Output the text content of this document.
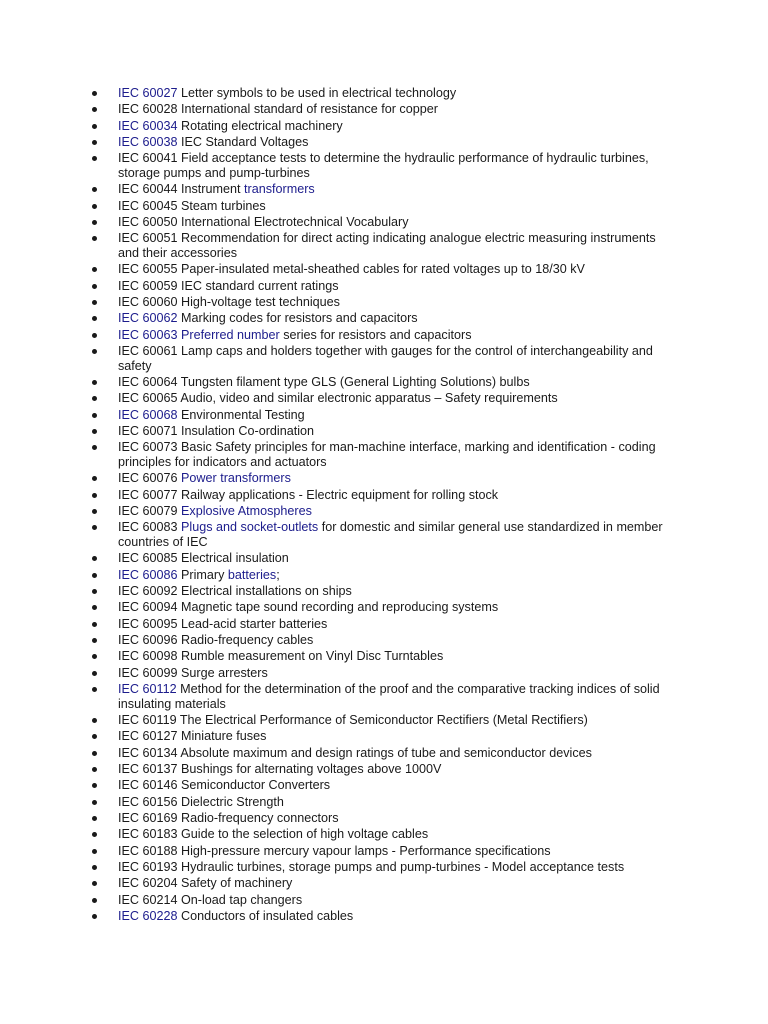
IEC 60027 Letter symbols to be used in electrical technology
IEC 60028 International standard of resistance for copper
IEC 60034 Rotating electrical machinery
IEC 60038 IEC Standard Voltages
IEC 60041 Field acceptance tests to determine the hydraulic performance of hydraulic turbines, storage pumps and pump-turbines
IEC 60044 Instrument transformers
IEC 60045 Steam turbines
IEC 60050 International Electrotechnical Vocabulary
IEC 60051 Recommendation for direct acting indicating analogue electric measuring instruments and their accessories
IEC 60055 Paper-insulated metal-sheathed cables for rated voltages up to 18/30 kV
IEC 60059 IEC standard current ratings
IEC 60060 High-voltage test techniques
IEC 60062 Marking codes for resistors and capacitors
IEC 60063 Preferred number series for resistors and capacitors
IEC 60061 Lamp caps and holders together with gauges for the control of interchangeability and safety
IEC 60064 Tungsten filament type GLS (General Lighting Solutions) bulbs
IEC 60065 Audio, video and similar electronic apparatus – Safety requirements
IEC 60068 Environmental Testing
IEC 60071 Insulation Co-ordination
IEC 60073 Basic Safety principles for man-machine interface, marking and identification - coding principles for indicators and actuators
IEC 60076 Power transformers
IEC 60077 Railway applications - Electric equipment for rolling stock
IEC 60079 Explosive Atmospheres
IEC 60083 Plugs and socket-outlets for domestic and similar general use standardized in member countries of IEC
IEC 60085 Electrical insulation
IEC 60086 Primary batteries;
IEC 60092 Electrical installations on ships
IEC 60094 Magnetic tape sound recording and reproducing systems
IEC 60095 Lead-acid starter batteries
IEC 60096 Radio-frequency cables
IEC 60098 Rumble measurement on Vinyl Disc Turntables
IEC 60099 Surge arresters
IEC 60112 Method for the determination of the proof and the comparative tracking indices of solid insulating materials
IEC 60119 The Electrical Performance of Semiconductor Rectifiers (Metal Rectifiers)
IEC 60127 Miniature fuses
IEC 60134 Absolute maximum and design ratings of tube and semiconductor devices
IEC 60137 Bushings for alternating voltages above 1000V
IEC 60146 Semiconductor Converters
IEC 60156 Dielectric Strength
IEC 60169 Radio-frequency connectors
IEC 60183 Guide to the selection of high voltage cables
IEC 60188 High-pressure mercury vapour lamps - Performance specifications
IEC 60193 Hydraulic turbines, storage pumps and pump-turbines - Model acceptance tests
IEC 60204 Safety of machinery
IEC 60214 On-load tap changers
IEC 60228 Conductors of insulated cables
